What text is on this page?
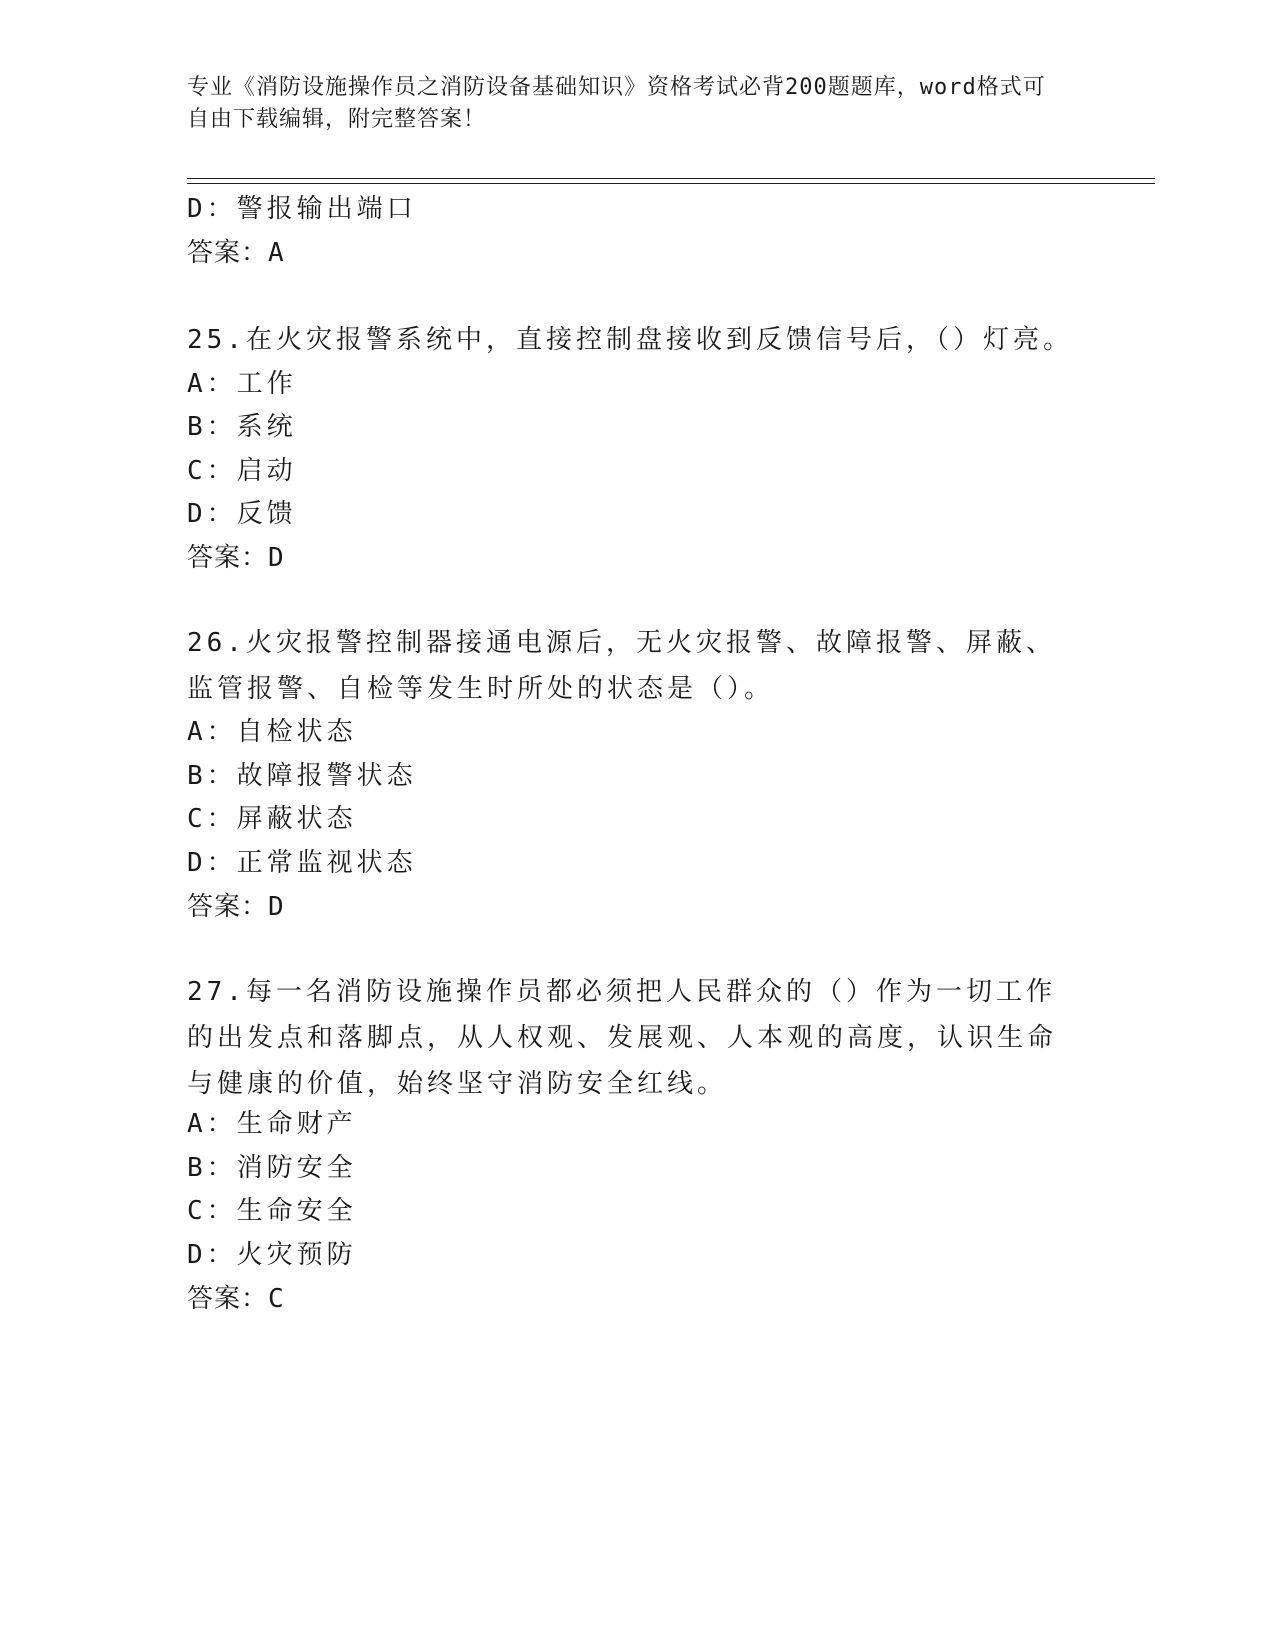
专业《消防设施操作员之消防设备基础知识》资格考试必背200题题库，word格式可自由下载编辑，附完整答案！
D：警报输出端口
答案：A
25.在火灾报警系统中，直接控制盘接收到反馈信号后，（）灯亮。
A：工作
B：系统
C：启动
D：反馈
答案：D
26.火灾报警控制器接通电源后，无火灾报警、故障报警、屏蔽、监管报警、自检等发生时所处的状态是（）。
A：自检状态
B：故障报警状态
C：屏蔽状态
D：正常监视状态
答案：D
27.每一名消防设施操作员都必须把人民群众的（）作为一切工作的出发点和落脚点，从人权观、发展观、人本观的高度，认识生命与健康的价值，始终坚守消防安全红线。
A：生命财产
B：消防安全
C：生命安全
D：火灾预防
答案：C
